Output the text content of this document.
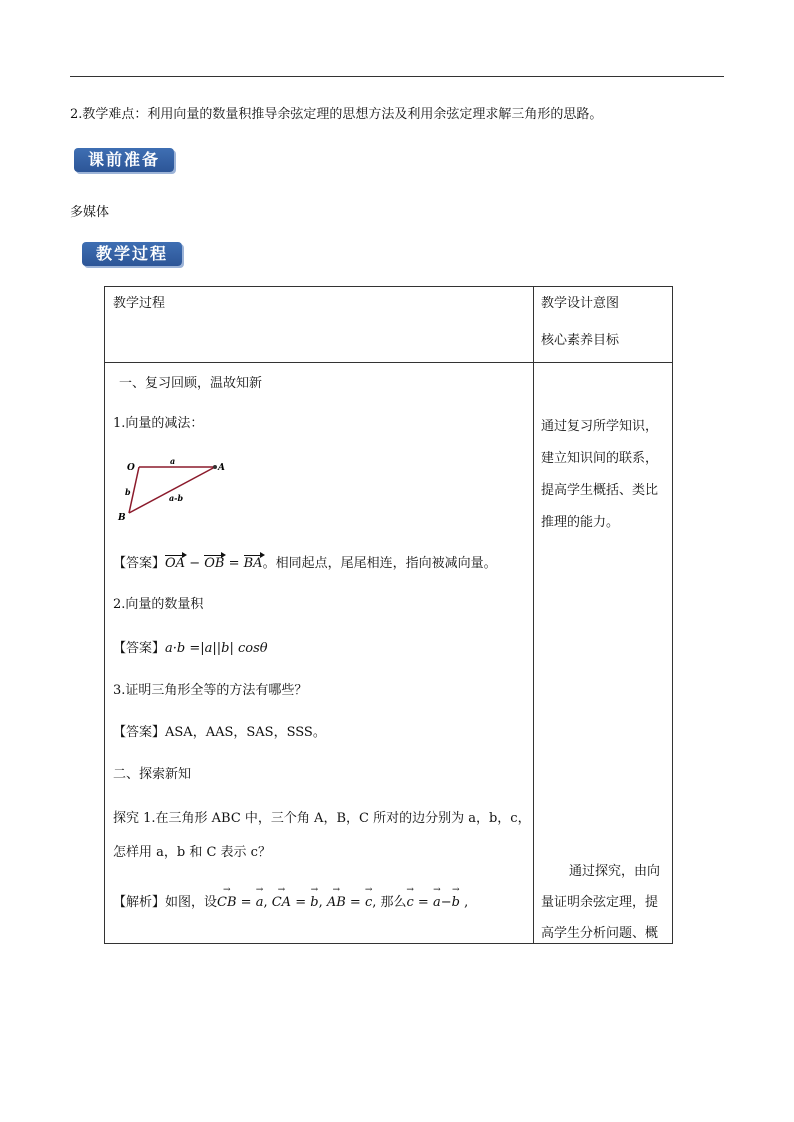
2.教学难点：利用向量的数量积推导余弦定理的思想方法及利用余弦定理求解三角形的思路。
课前准备
多媒体
教学过程
教学过程	教学设计意图
核心素养目标
一、复习回顾，温故知新
1.向量的减法：
O
a
A
b
a-b
B
【答案】OA − OB = BA。相同起点，尾尾相连，指向被减向量。
2.向量的数量积
【答案】a·b =|a||b| cosθ
3.证明三角形全等的方法有哪些？
【答案】ASA，AAS，SAS，SSS。
二、探索新知
探究 1.在三角形 ABC 中，三个角 A，B，C 所对的边分别为 a，b，c，
怎样用 a，b 和 C 表示 c？
【解析】如图，设→ CB = → a, → CA = → b, → AB = → c, 那么→ c = → a−→ b ,
通过复习所学知识，
建立知识间的联系，
提高学生概括、类比
推理的能力。
通过探究，由向
量证明余弦定理，提
高学生分析问题、概
